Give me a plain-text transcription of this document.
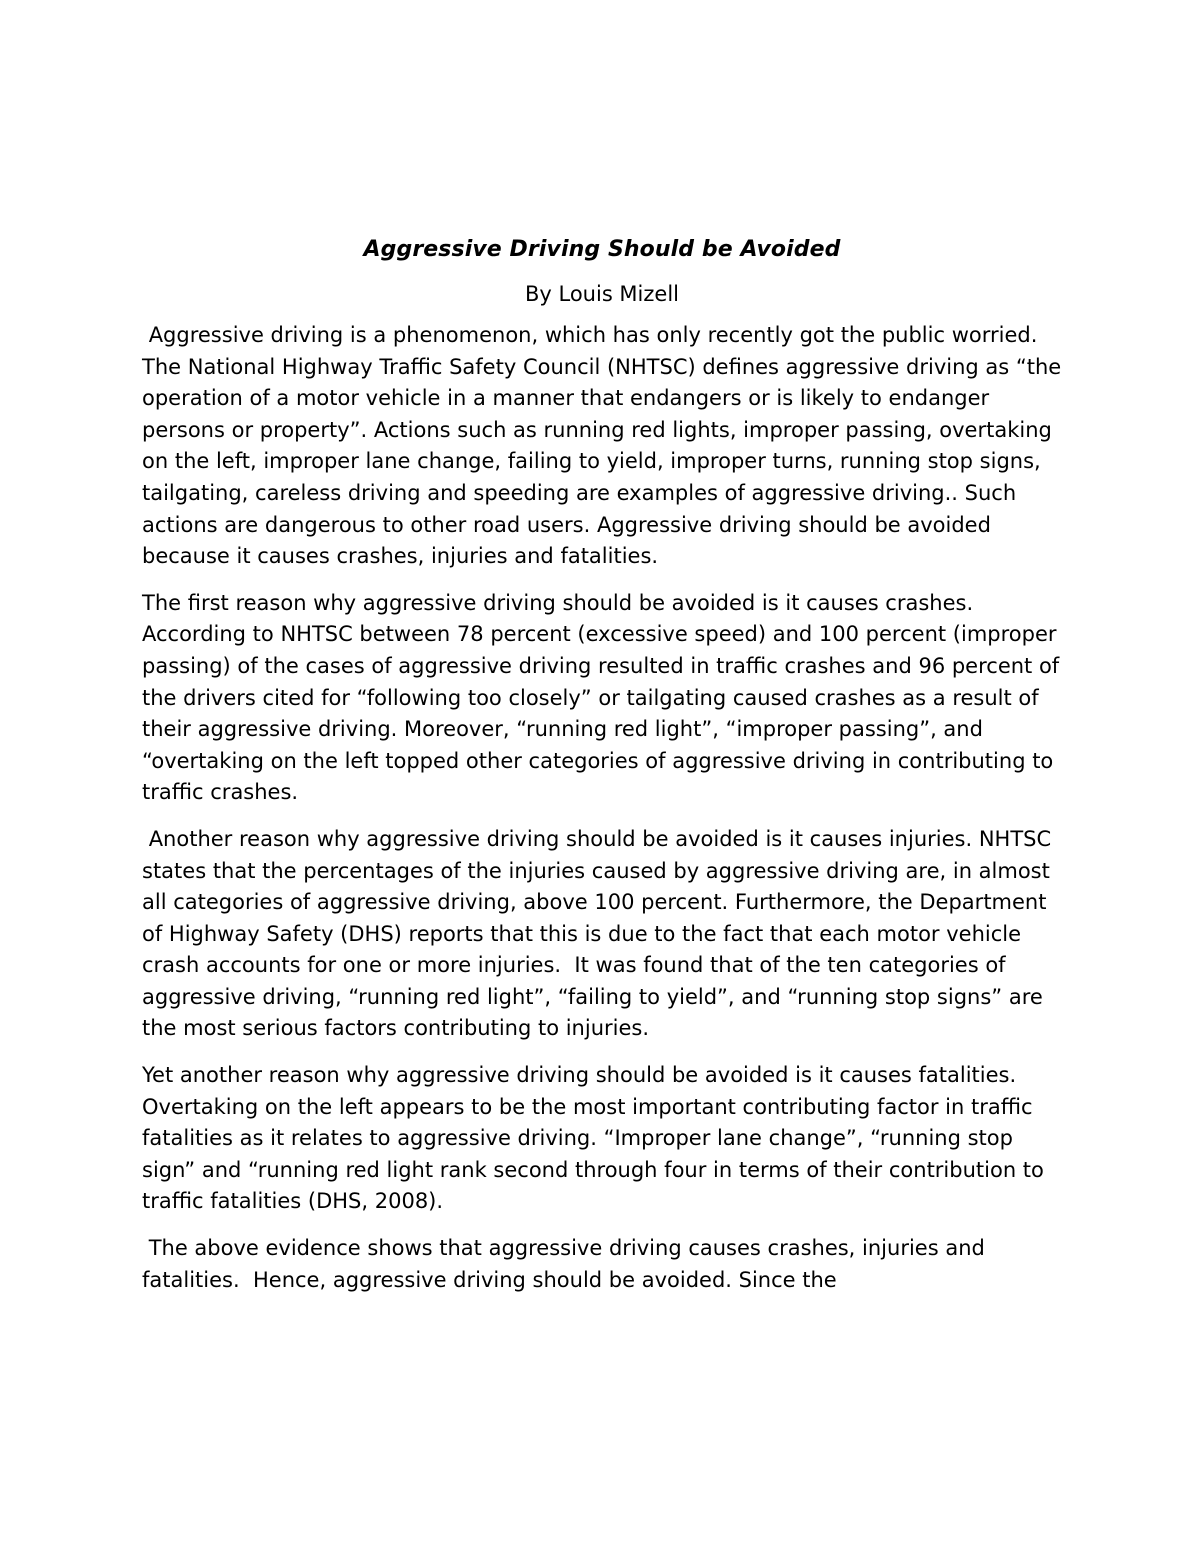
Aggressive Driving Should be Avoided
By Louis Mizell

Aggressive driving is a phenomenon, which has only recently got the public worried.  The National Highway Traffic Safety Council (NHTSC) defines aggressive driving as “the operation of a motor vehicle in a manner that endangers or is likely to endanger persons or property”. Actions such as running red lights, improper passing, overtaking on the left, improper lane change, failing to yield, improper turns, running stop signs, tailgating, careless driving and speeding are examples of aggressive driving.. Such actions are dangerous to other road users. Aggressive driving should be avoided because it causes crashes, injuries and fatalities.

The first reason why aggressive driving should be avoided is it causes crashes. According to NHTSC between 78 percent (excessive speed) and 100 percent (improper passing) of the cases of aggressive driving resulted in traffic crashes and 96 percent of the drivers cited for “following too closely” or tailgating caused crashes as a result of their aggressive driving. Moreover, “running red light”, “improper passing”, and “overtaking on the left topped other categories of aggressive driving in contributing to traffic crashes.

Another reason why aggressive driving should be avoided is it causes injuries. NHTSC states that the percentages of the injuries caused by aggressive driving are, in almost all categories of aggressive driving, above 100 percent. Furthermore, the Department of Highway Safety (DHS) reports that this is due to the fact that each motor vehicle crash accounts for one or more injuries.  It was found that of the ten categories of aggressive driving, “running red light”, “failing to yield”, and “running stop signs” are the most serious factors contributing to injuries.

Yet another reason why aggressive driving should be avoided is it causes fatalities. Overtaking on the left appears to be the most important contributing factor in traffic fatalities as it relates to aggressive driving. “Improper lane change”, “running stop sign” and “running red light rank second through four in terms of their contribution to traffic fatalities (DHS, 2008).

The above evidence shows that aggressive driving causes crashes, injuries and fatalities.  Hence, aggressive driving should be avoided. Since the
